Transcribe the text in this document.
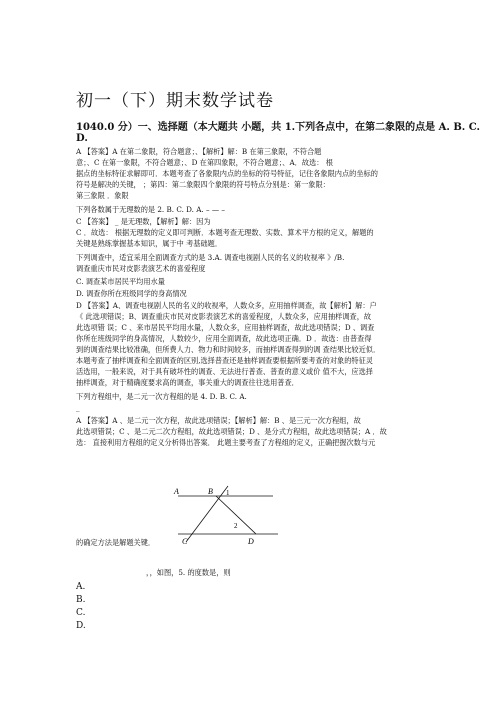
初一（下）期末数学试卷
1040.0 分）一、选择题（本大题共 小题，共 1.下列各点中，在第二象限的点是 A. B. C.
D.
A 【答案】A 在第二象限，符合题意；、【解析】解：B 在第三象限，不符合题
意；、C 在第一象限，不符合题意；、D 在第四象限，不符合题意；、A．故选： 根
据点的坐标特征求解即可．本题考查了各象限内点的坐标的符号特征，记住各象限内点的坐标的
符号是解决的关键， ；第四：第二象限四个象限的符号特点分别是：第一象限：
第三象限 ．象限
下列各数属于无理数的是 2. B. C. D. A. – — –
C 【答案】 _ 是无理数，【解析】解：因为
C ．故选： 根据无理数的定义即可判断．本题考查无理数、实数、算术平方根的定义，解题的
关键是熟练掌握基本知识，属于中 考基础题．
下列调查中，适宜采用全面调查方式的是 3.A. 调查电视剧人民的名义的收视率 》/B.
调查重庆市民对皮影表演艺术的喜爱程度
C. 调查某市居民平均用水量
D. 调查你所在班级同学的身高情况
D 【答案】A、调查电视剧人民的名义的收视率，人数众多，应用抽样调查，故【解析】解：户
《 此选项错误；B、调查重庆市民对皮影表演艺术的喜爱程度，人数众多，应用抽样调查，故
此选项错 误；C 、来市居民平均用水量，人数众多，应用抽样调查，故此选项错误；D 、调查
你所在班级同学的身高情况，人数较少，应用全面调查，故此选项正确．D ．故选：由普查得
到的调查结果比较准确，但所费人力、物力和时间较多，而抽样调查得到的调 查结果比较近似．
本题考查了抽样调查和全面调查的区别,选择普查还是抽样调查要根据所要考查的对象的特征灵
活选用，一般来说，对于具有破坏性的调查、无法进行普查、普查的意义或价 值不大，应选择
抽样调查，对于精确度要求高的调查，事关重大的调查往往选用普查．
下列方程组中，是二元一次方程组的是 4. D. B. C. A.
_
A 【答案】A 、是二元一次方程，故此选项错误；【解析】解：B 、是三元一次方程组，故
此选项错误；C 、是二元二次方程组，故此选项错误；D 、是分式方程组，故此选项错误；A ．故
选： 直接利用方程组的定义分析得出答案． 此题主要考查了方程组的定义，正确把握次数与元
A	B 1
2
C	D
的确定方法是解题关键．
，，如图，5. 的度数是，则
A.
B.
C.
D.
